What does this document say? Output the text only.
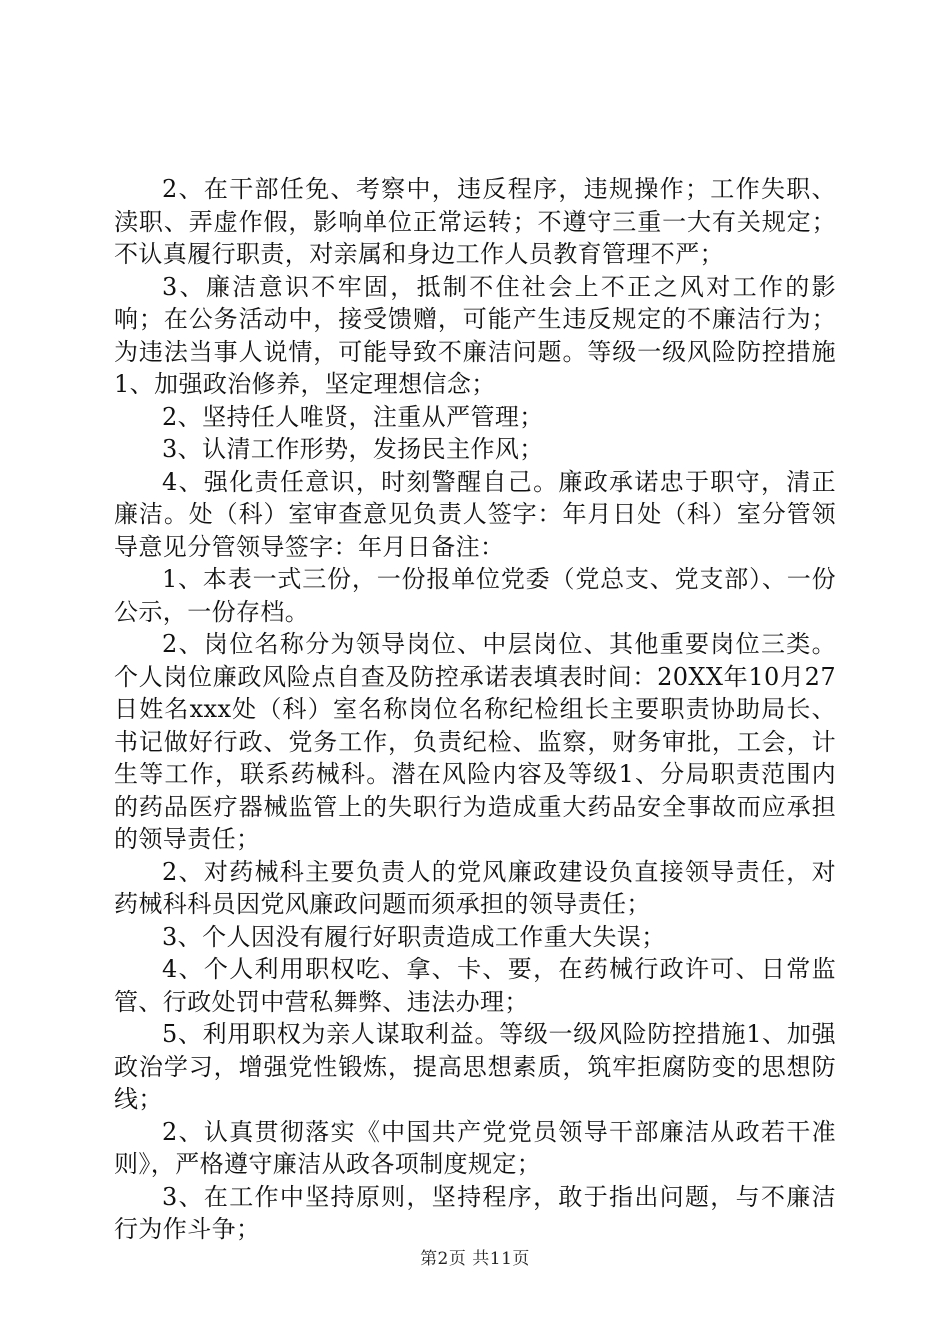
2、在干部任免、考察中，违反程序，违规操作；工作失职、渎职、弄虚作假，影响单位正常运转；不遵守三重一大有关规定；不认真履行职责，对亲属和身边工作人员教育管理不严；

3、廉洁意识不牢固，抵制不住社会上不正之风对工作的影响；在公务活动中，接受馈赠，可能产生违反规定的不廉洁行为；为违法当事人说情，可能导致不廉洁问题。等级一级风险防控措施1、加强政治修养，坚定理想信念；

2、坚持任人唯贤，注重从严管理；

3、认清工作形势，发扬民主作风；

4、强化责任意识，时刻警醒自己。廉政承诺忠于职守，清正廉洁。处（科）室审查意见负责人签字：年月日处（科）室分管领导意见分管领导签字：年月日备注：

1、本表一式三份，一份报单位党委（党总支、党支部）、一份公示，一份存档。

2、岗位名称分为领导岗位、中层岗位、其他重要岗位三类。个人岗位廉政风险点自查及防控承诺表填表时间：20XX年10月27日姓名xxx处（科）室名称岗位名称纪检组长主要职责协助局长、书记做好行政、党务工作，负责纪检、监察，财务审批，工会，计生等工作，联系药械科。潜在风险内容及等级1、分局职责范围内的药品医疗器械监管上的失职行为造成重大药品安全事故而应承担的领导责任；

2、对药械科主要负责人的党风廉政建设负直接领导责任，对药械科科员因党风廉政问题而须承担的领导责任；

3、个人因没有履行好职责造成工作重大失误；

4、个人利用职权吃、拿、卡、要，在药械行政许可、日常监管、行政处罚中营私舞弊、违法办理；

5、利用职权为亲人谋取利益。等级一级风险防控措施1、加强政治学习，增强党性锻炼，提高思想素质，筑牢拒腐防变的思想防线；

2、认真贯彻落实《中国共产党党员领导干部廉洁从政若干准则》，严格遵守廉洁从政各项制度规定；

3、在工作中坚持原则，坚持程序，敢于指出问题，与不廉洁行为作斗争；

第2页 共11页
